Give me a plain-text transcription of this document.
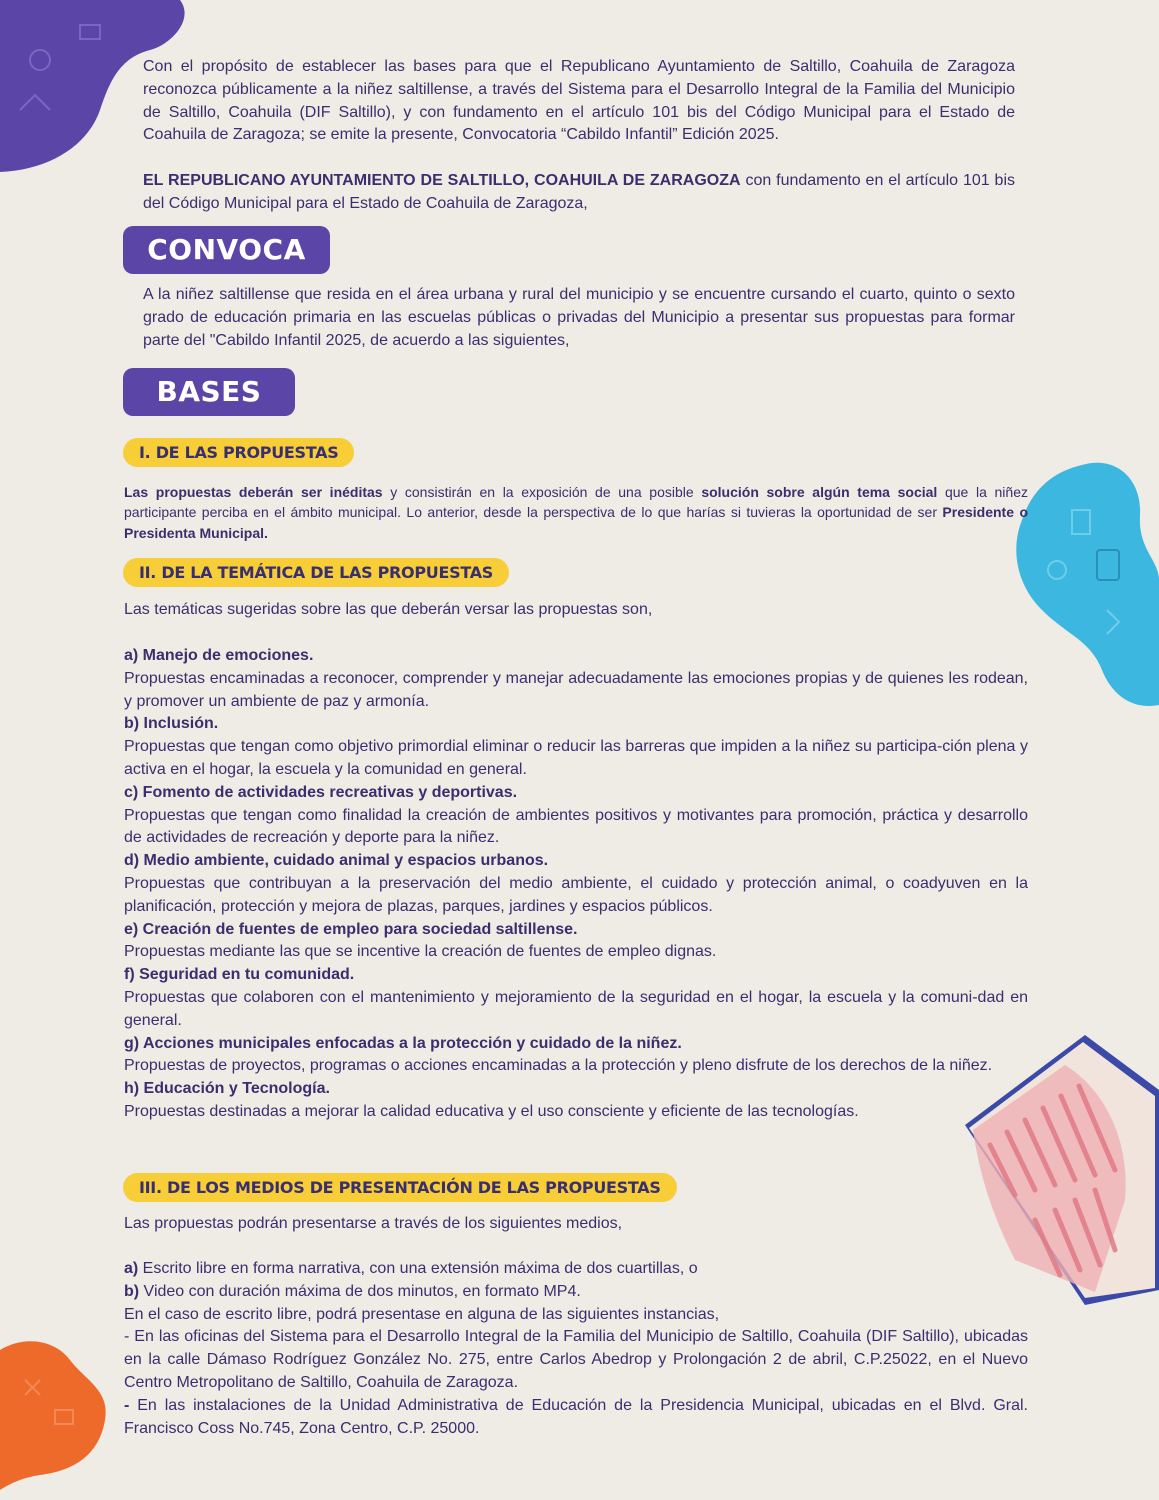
Con el propósito de establecer las bases para que el Republicano Ayuntamiento de Saltillo, Coahuila de Zaragoza reconozca públicamente a la niñez saltillense, a través del Sistema para el Desarrollo Integral de la Familia del Municipio de Saltillo, Coahuila (DIF Saltillo), y con fundamento en el artículo 101 bis del Código Municipal para el Estado de Coahuila de Zaragoza; se emite la presente, Convocatoria “Cabildo Infantil” Edición 2025.

EL REPUBLICANO AYUNTAMIENTO DE SALTILLO, COAHUILA DE ZARAGOZA con fundamento en el artículo 101 bis del Código Municipal para el Estado de Coahuila de Zaragoza,

CONVOCA

A la niñez saltillense que resida en el área urbana y rural del municipio y se encuentre cursando el cuarto, quinto o sexto grado de educación primaria en las escuelas públicas o privadas del Municipio a presentar sus propuestas para formar parte del "Cabildo Infantil 2025, de acuerdo a las siguientes,

BASES
I. DE LAS PROPUESTAS

Las propuestas deberán ser inéditas y consistirán en la exposición de una posible solución sobre algún tema social que la niñez participante perciba en el ámbito municipal. Lo anterior, desde la perspectiva de lo que harías si tuvieras la oportunidad de ser Presidente o Presidenta Municipal.

II. DE LA TEMÁTICA DE LAS PROPUESTAS

Las temáticas sugeridas sobre las que deberán versar las propuestas son,

a) Manejo de emociones.
Propuestas encaminadas a reconocer, comprender y manejar adecuadamente las emociones propias y de quienes les rodean, y promover un ambiente de paz y armonía.
b) Inclusión.
Propuestas que tengan como objetivo primordial eliminar o reducir las barreras que impiden a la niñez su participa-ción plena y activa en el hogar, la escuela y la comunidad en general.
c) Fomento de actividades recreativas y deportivas.
Propuestas que tengan como finalidad la creación de ambientes positivos y motivantes para promoción, práctica y desarrollo de actividades de recreación y deporte para la niñez.
d) Medio ambiente, cuidado animal y espacios urbanos.
Propuestas que contribuyan a la preservación del medio ambiente, el cuidado y protección animal, o coadyuven en la planificación, protección y mejora de plazas, parques, jardines y espacios públicos.
e) Creación de fuentes de empleo para sociedad saltillense.
Propuestas mediante las que se incentive la creación de fuentes de empleo dignas.
f) Seguridad en tu comunidad.
Propuestas que colaboren con el mantenimiento y mejoramiento de la seguridad en el hogar, la escuela y la comuni-dad en general.
g) Acciones municipales enfocadas a la protección y cuidado de la niñez.
Propuestas de proyectos, programas o acciones encaminadas a la protección y pleno disfrute de los derechos de la niñez.
h) Educación y Tecnología.
Propuestas destinadas a mejorar la calidad educativa y el uso consciente y eficiente de las tecnologías.
III. DE LOS MEDIOS DE PRESENTACIÓN DE LAS PROPUESTAS

Las propuestas podrán presentarse a través de los siguientes medios,

a) Escrito libre en forma narrativa, con una extensión máxima de dos cuartillas, o
b) Video con duración máxima de dos minutos, en formato MP4.
En el caso de escrito libre, podrá presentase en alguna de las siguientes instancias,
- En las oficinas del Sistema para el Desarrollo Integral de la Familia del Municipio de Saltillo, Coahuila (DIF Saltillo), ubicadas en la calle Dámaso Rodríguez González No. 275, entre Carlos Abedrop y Prolongación 2 de abril, C.P.25022, en el Nuevo Centro Metropolitano de Saltillo, Coahuila de Zaragoza.
- En las instalaciones de la Unidad Administrativa de Educación de la Presidencia Municipal, ubicadas en el Blvd. Gral. Francisco Coss No.745, Zona Centro, C.P. 25000.
